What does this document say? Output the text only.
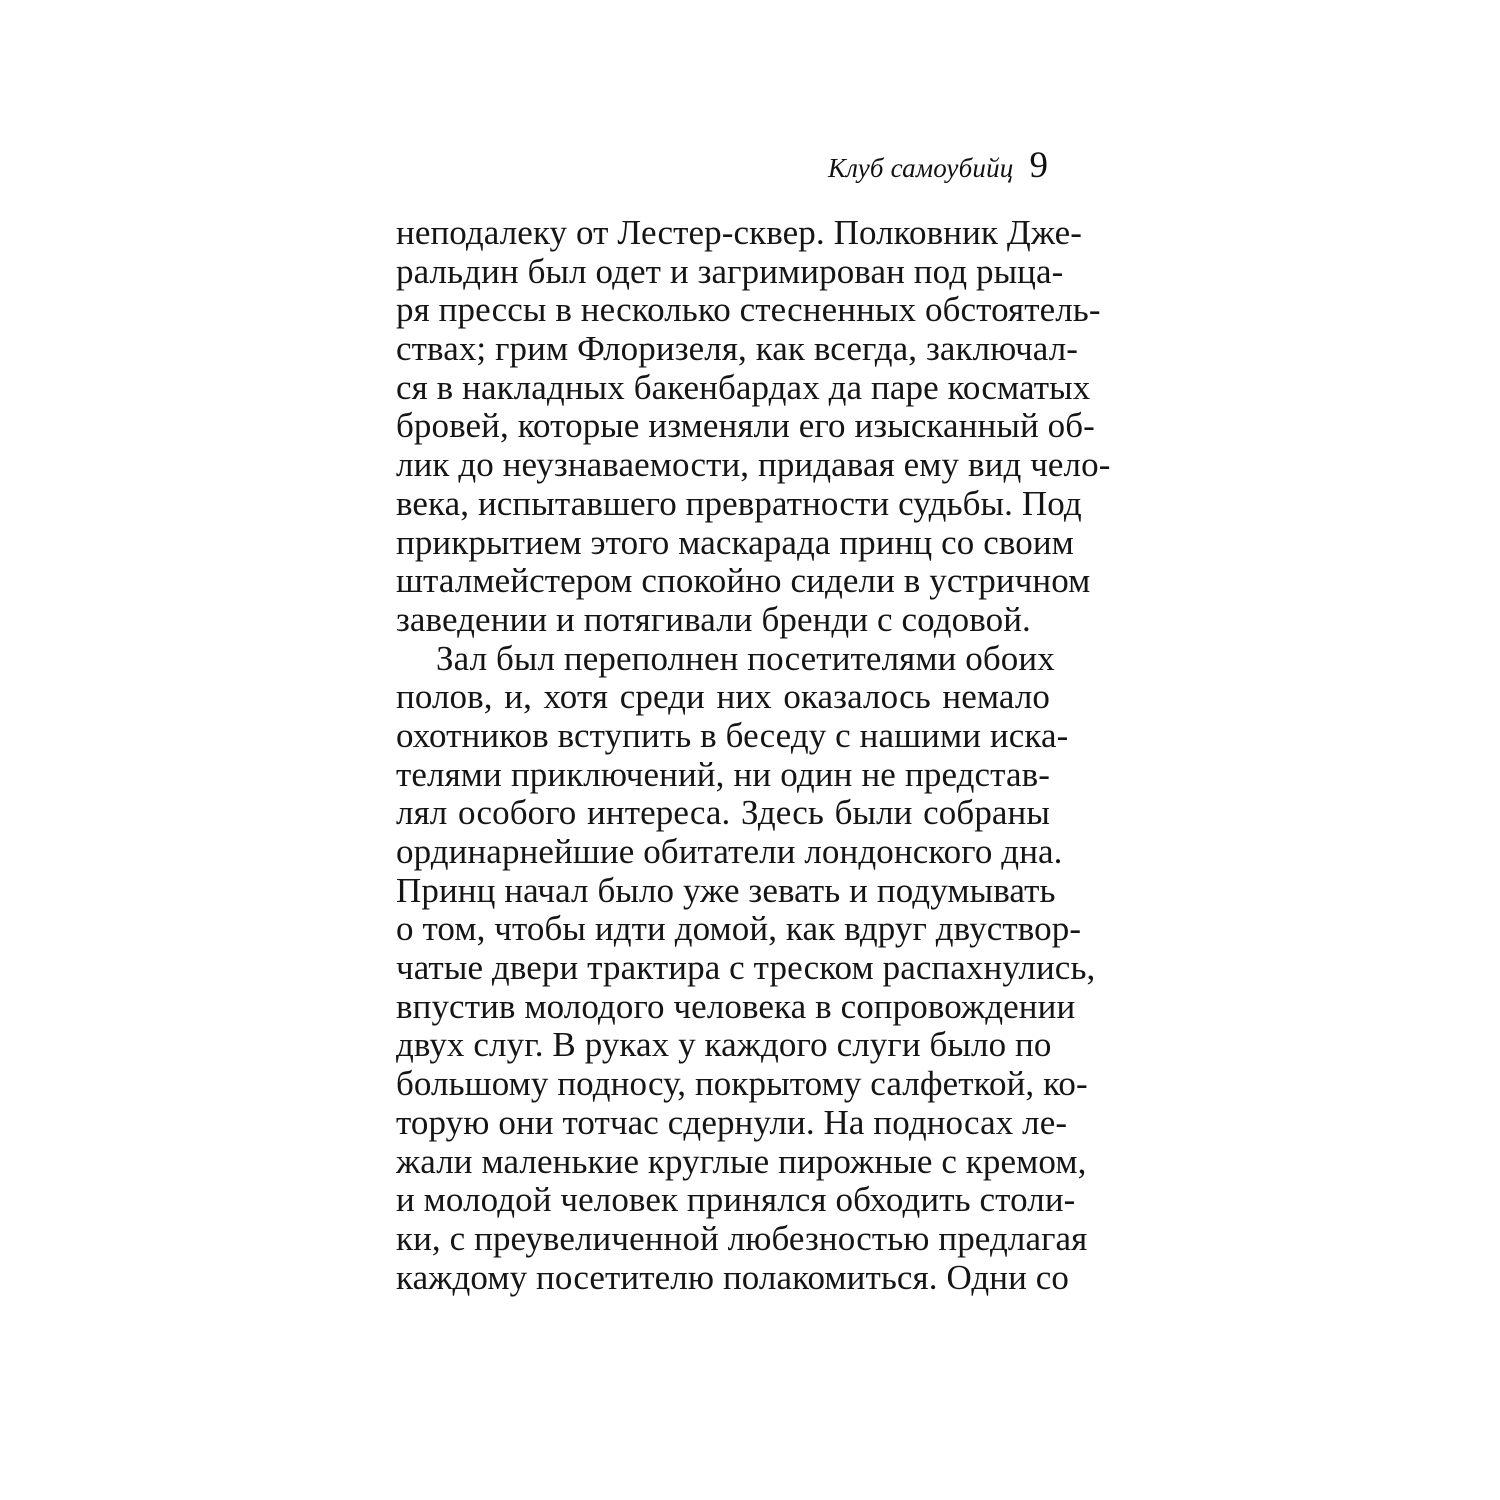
Клуб самоубийц 9
неподалеку от Лестер-сквер. Полковник Дже-
ральдин был одет и загримирован под рыца-
ря прессы в несколько стесненных обстоятель-
ствах; грим Флоризеля, как всегда, заключал-
ся в накладных бакенбардах да паре косматых
бровей, которые изменяли его изысканный об-
лик до неузнаваемости, придавая ему вид чело-
века, испытавшего превратности судьбы. Под
прикрытием этого маскарада принц со своим
шталмейстером спокойно сидели в устричном
заведении и потягивали бренди с содовой.
Зал был переполнен посетителями обоих
полов, и, хотя среди них оказалось немало
охотников вступить в беседу с нашими иска-
телями приключений, ни один не представ-
лял особого интереса. Здесь были собраны
ординарнейшие обитатели лондонского дна.
Принц начал было уже зевать и подумывать
о том, чтобы идти домой, как вдруг двуствор-
чатые двери трактира с треском распахнулись,
впустив молодого человека в сопровождении
двух слуг. В руках у каждого слуги было по
большому подносу, покрытому салфеткой, ко-
торую они тотчас сдернули. На подносах ле-
жали маленькие круглые пирожные с кремом,
и молодой человек принялся обходить столи-
ки, с преувеличенной любезностью предлагая
каждому посетителю полакомиться. Одни со
